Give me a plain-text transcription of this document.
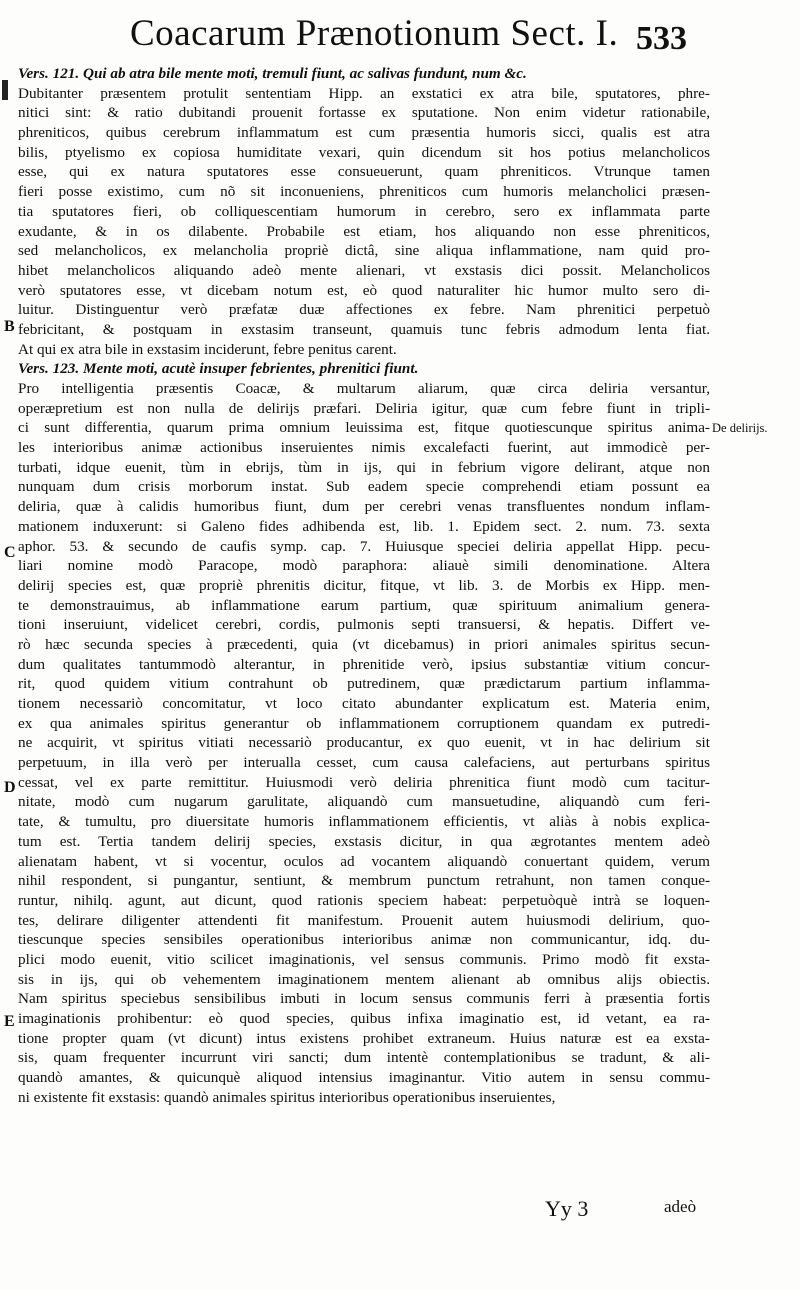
Coacarum Prænotionum Sect. I. 533
Vers. 121. Qui ab atra bile mente moti, tremuli fiunt, ac salivas fundunt, num &c.
Dubitanter præsentem protulit sententiam Hipp. an exstatici ex atra bile, sputatores, phre-
nitici sint: & ratio dubitandi prouenit fortasse ex sputatione. Non enim videtur rationabile,
phreniticos, quibus cerebrum inflammatum est cum præsentia humoris sicci, qualis est atra
bilis, ptyelismo ex copiosa humiditate vexari, quin dicendum sit hos potius melancholicos
esse, qui ex natura sputatores esse consueuerunt, quam phreniticos. Vtrunque tamen
fieri posse existimo, cum nõ sit inconueniens, phreniticos cum humoris melancholici præsen-
tia sputatores fieri, ob colliquescentiam humorum in cerebro, sero ex inflammata parte
exudante, & in os dilabente. Probabile est etiam, hos aliquando non esse phreniticos,
sed melancholicos, ex melancholia propriè dictâ, sine aliqua inflammatione, nam quid pro-
hibet melancholicos aliquando adeò mente alienari, vt exstasis dici possit. Melancholicos
verò sputatores esse, vt dicebam notum est, eò quod naturaliter hic humor multo sero di-
luitur. Distinguentur verò præfatæ duæ affectiones ex febre. Nam phrenitici perpetuò
febricitant, & postquam in exstasim transeunt, quamuis tunc febris admodum lenta fiat.
At qui ex atra bile in exstasim inciderunt, febre penitus carent.
Vers. 123. Mente moti, acutè insuper febrientes, phrenitici fiunt.
Pro intelligentia præsentis Coacæ, & multarum aliarum, quæ circa deliria versantur,
operæpretium est non nulla de delirijs præfari. Deliria igitur, quæ cum febre fiunt in tripli-
ci sunt differentia, quarum prima omnium leuissima est, fitque quotiescunque spiritus anima-
les interioribus animæ actionibus inseruientes nimis excalefacti fuerint, aut immodicè per-
turbati, idque euenit, tùm in ebrijs, tùm in ijs, qui in febrium vigore delirant, atque non
nunquam dum crisis morborum instat. Sub eadem specie comprehendi etiam possunt ea
deliria, quæ à calidis humoribus fiunt, dum per cerebri venas transfluentes nondum inflam-
mationem induxerunt: si Galeno fides adhibenda est, lib. 1. Epidem sect. 2. num. 73. sexta
aphor. 53. & secundo de caufis symp. cap. 7. Huiusque speciei deliria appellat Hipp. pecu-
liari nomine modò Paracope, modò paraphora: aliauè simili denominatione. Altera
delirij species est, quæ propriè phrenitis dicitur, fitque, vt lib. 3. de Morbis ex Hipp. men-
te demonstrauimus, ab inflammatione earum partium, quæ spirituum animalium genera-
tioni inseruiunt, videlicet cerebri, cordis, pulmonis septi transuersi, & hepatis. Differt ve-
rò hæc secunda species à præcedenti, quia (vt dicebamus) in priori animales spiritus secun-
dum qualitates tantummodò alterantur, in phrenitide verò, ipsius substantiæ vitium concur-
rit, quod quidem vitium contrahunt ob putredinem, quæ prædictarum partium inflamma-
tionem necessariò concomitatur, vt loco citato abundanter explicatum est. Materia enim,
ex qua animales spiritus generantur ob inflammationem corruptionem quandam ex putredi-
ne acquirit, vt spiritus vitiati necessariò producantur, ex quo euenit, vt in hac delirium sit
perpetuum, in illa verò per interualla cesset, cum causa calefaciens, aut perturbans spiritus
cessat, vel ex parte remittitur. Huiusmodi verò deliria phrenitica fiunt modò cum tacitur-
nitate, modò cum nugarum garulitate, aliquandò cum mansuetudine, aliquandò cum feri-
tate, & tumultu, pro diuersitate humoris inflammationem efficientis, vt aliàs à nobis explica-
tum est. Tertia tandem delirij species, exstasis dicitur, in qua ægrotantes mentem adeò
alienatam habent, vt si vocentur, oculos ad vocantem aliquandò conuertant quidem, verum
nihil respondent, si pungantur, sentiunt, & membrum punctum retrahunt, non tamen conque-
runtur, nihilq. agunt, aut dicunt, quod rationis speciem habeat: perpetuòquè intrà se loquen-
tes, delirare diligenter attendenti fit manifestum. Prouenit autem huiusmodi delirium, quo-
tiescunque species sensibiles operationibus interioribus animæ non communicantur, idq. du-
plici modo euenit, vitio scilicet imaginationis, vel sensus communis. Primo modò fit exsta-
sis in ijs, qui ob vehementem imaginationem mentem alienant ab omnibus alijs obiectis.
Nam spiritus speciebus sensibilibus imbuti in locum sensus communis ferri à præsentia fortis
imaginationis prohibentur: eò quod species, quibus infixa imaginatio est, id vetant, ea ra-
tione propter quam (vt dicunt) intus existens prohibet extraneum. Huius naturæ est ea exsta-
sis, quam frequenter incurrunt viri sancti; dum intentè contemplationibus se tradunt, & ali-
quandò amantes, & quicunquè aliquod intensius imaginantur. Vitio autem in sensu commu-
ni existente fit exstasis: quandò animales spiritus interioribus operationibus inseruientes,
B
C
D
E
De delirijs.
Yy 3	adeò
